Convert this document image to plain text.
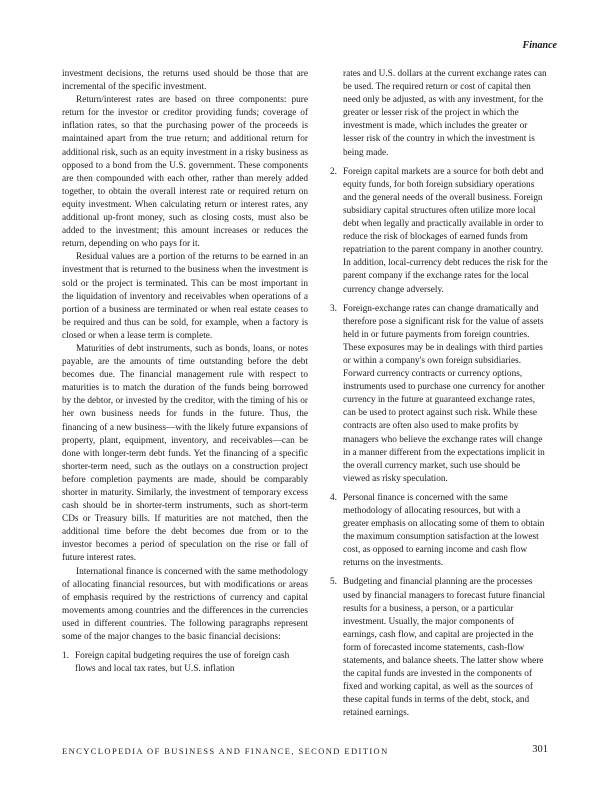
Finance

investment decisions, the returns used should be those that are incremental of the specific investment.

Return/interest rates are based on three components: pure return for the investor or creditor providing funds; coverage of inflation rates, so that the purchasing power of the proceeds is maintained apart from the true return; and additional return for additional risk, such as an equity investment in a risky business as opposed to a bond from the U.S. government. These components are then compounded with each other, rather than merely added together, to obtain the overall interest rate or required return on equity investment. When calculating return or interest rates, any additional up-front money, such as closing costs, must also be added to the investment; this amount increases or reduces the return, depending on who pays for it.

Residual values are a portion of the returns to be earned in an investment that is returned to the business when the investment is sold or the project is terminated. This can be most important in the liquidation of inventory and receivables when operations of a portion of a business are terminated or when real estate ceases to be required and thus can be sold, for example, when a factory is closed or when a lease term is complete.

Maturities of debt instruments, such as bonds, loans, or notes payable, are the amounts of time outstanding before the debt becomes due. The financial management rule with respect to maturities is to match the duration of the funds being borrowed by the debtor, or invested by the creditor, with the timing of his or her own business needs for funds in the future. Thus, the financing of a new business—with the likely future expansions of property, plant, equipment, inventory, and receivables—can be done with longer-term debt funds. Yet the financing of a specific shorter-term need, such as the outlays on a construction project before completion payments are made, should be comparably shorter in maturity. Similarly, the investment of temporary excess cash should be in shorter-term instruments, such as short-term CDs or Treasury bills. If maturities are not matched, then the additional time before the debt becomes due from or to the investor becomes a period of speculation on the rise or fall of future interest rates.

International finance is concerned with the same methodology of allocating financial resources, but with modifications or areas of emphasis required by the restrictions of currency and capital movements among countries and the differences in the currencies used in different countries. The following paragraphs represent some of the major changes to the basic financial decisions:

1. Foreign capital budgeting requires the use of foreign cash flows and local tax rates, but U.S. inflation

rates and U.S. dollars at the current exchange rates can be used. The required return or cost of capital then need only be adjusted, as with any investment, for the greater or lesser risk of the project in which the investment is made, which includes the greater or lesser risk of the country in which the investment is being made.

2. Foreign capital markets are a source for both debt and equity funds, for both foreign subsidiary operations and the general needs of the overall business. Foreign subsidiary capital structures often utilize more local debt when legally and practically available in order to reduce the risk of blockages of earned funds from repatriation to the parent company in another country. In addition, local-currency debt reduces the risk for the parent company if the exchange rates for the local currency change adversely.
3. Foreign-exchange rates can change dramatically and therefore pose a significant risk for the value of assets held in or future payments from foreign countries. These exposures may be in dealings with third parties or within a company's own foreign subsidiaries. Forward currency contracts or currency options, instruments used to purchase one currency for another currency in the future at guaranteed exchange rates, can be used to protect against such risk. While these contracts are often also used to make profits by managers who believe the exchange rates will change in a manner different from the expectations implicit in the overall currency market, such use should be viewed as risky speculation.
4. Personal finance is concerned with the same methodology of allocating resources, but with a greater emphasis on allocating some of them to obtain the maximum consumption satisfaction at the lowest cost, as opposed to earning income and cash flow returns on the investments.
5. Budgeting and financial planning are the processes used by financial managers to forecast future financial results for a business, a person, or a particular investment. Usually, the major components of earnings, cash flow, and capital are projected in the form of forecasted income statements, cash-flow statements, and balance sheets. The latter show where the capital funds are invested in the components of fixed and working capital, as well as the sources of these capital funds in terms of the debt, stock, and retained earnings.
ENCYCLOPEDIA OF BUSINESS AND FINANCE, SECOND EDITION	301
